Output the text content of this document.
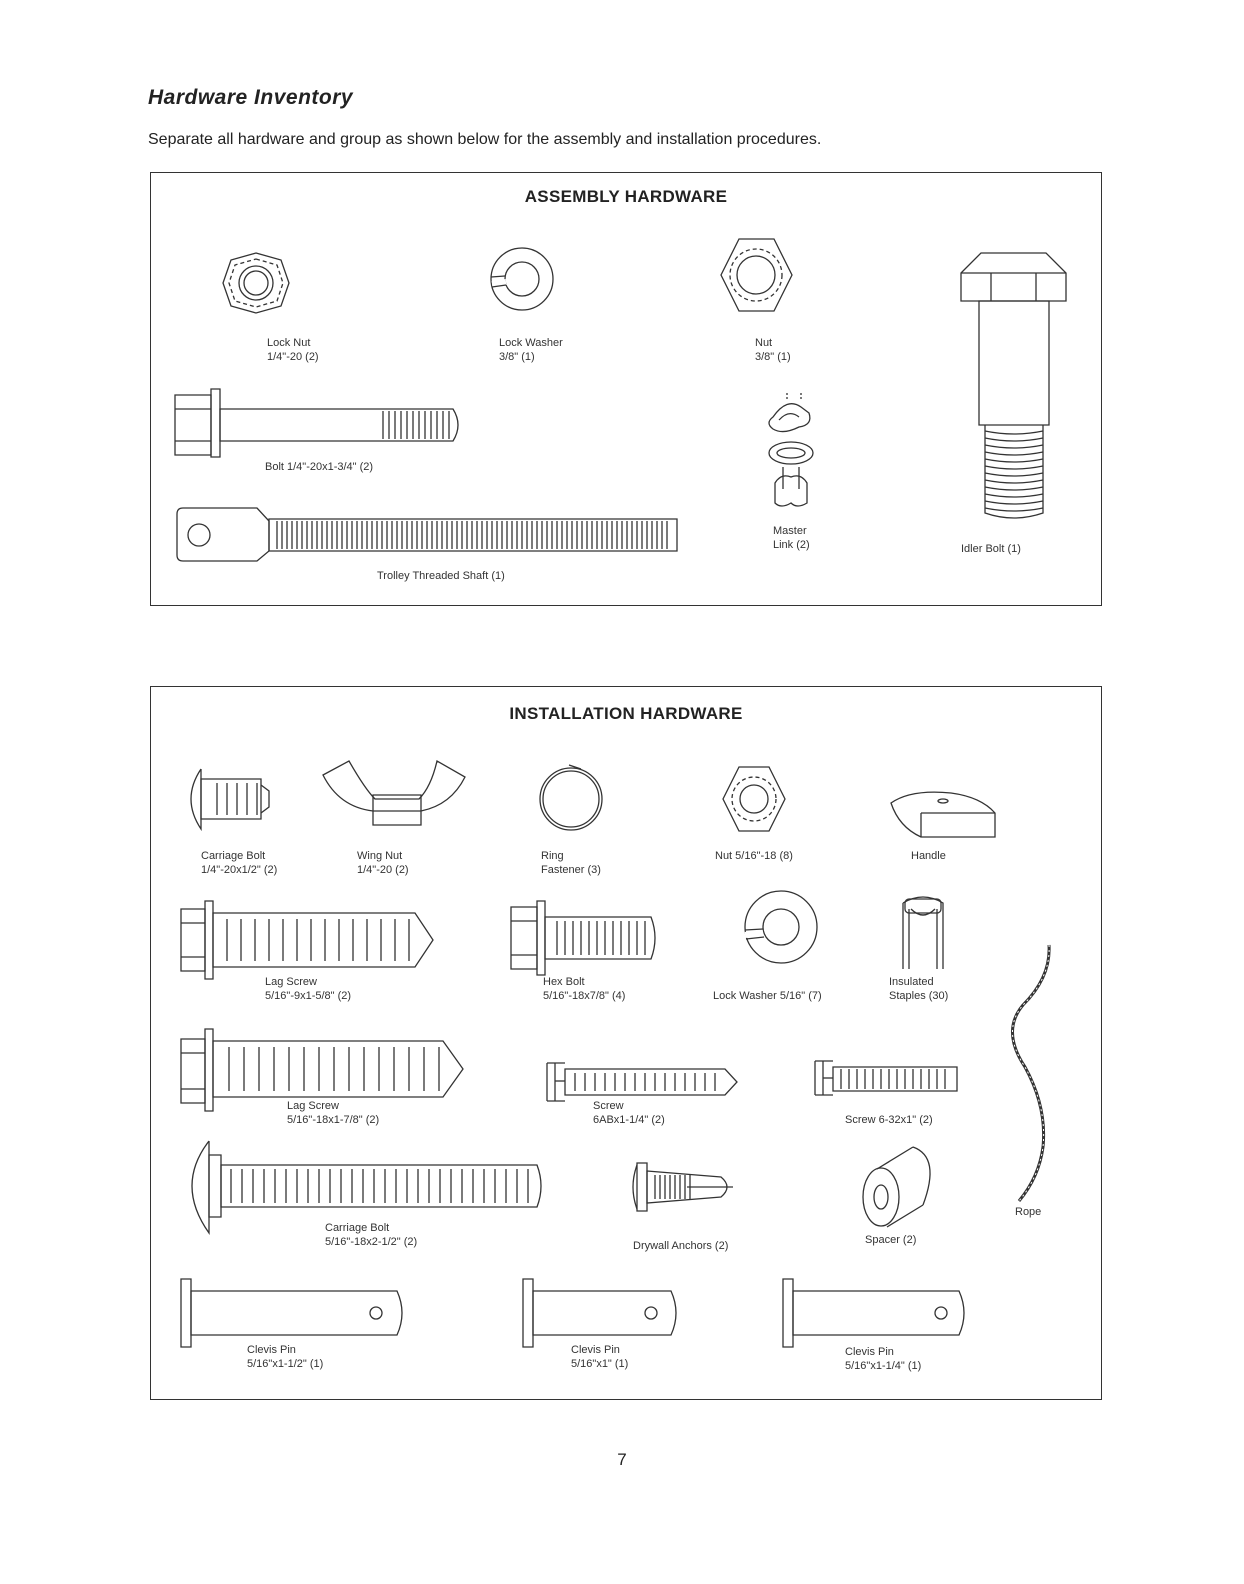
Hardware Inventory

Separate all hardware and group as shown below for the assembly and installation procedures.

ASSEMBLY HARDWARE
Lock Nut
1/4"-20 (2)
Lock Washer
3/8" (1)
Nut
3/8" (1)
Bolt 1/4"-20x1-3/4" (2)
Master
Link (2)	Idler Bolt (1)
Trolley Threaded Shaft (1)
INSTALLATION HARDWARE
Carriage Bolt
1/4"-20x1/2" (2)
Wing Nut
1/4"-20 (2)
Ring
Fastener (3)
Nut 5/16"-18 (8)	Handle
Lag Screw
5/16"-9x1-5/8" (2)
Hex Bolt
5/16"-18x7/8" (4)	Lock Washer 5/16" (7)
Insulated
Staples (30)
Lag Screw
5/16"-18x1-7/8" (2)
Screw
6ABx1-1/4" (2)	Screw 6-32x1" (2)
Carriage Bolt
5/16"-18x2-1/2" (2)	Drywall Anchors (2)	Spacer (2)
Rope
Clevis Pin
5/16"x1-1/2" (1)
Clevis Pin
5/16"x1" (1)
Clevis Pin
5/16"x1-1/4" (1)
7
